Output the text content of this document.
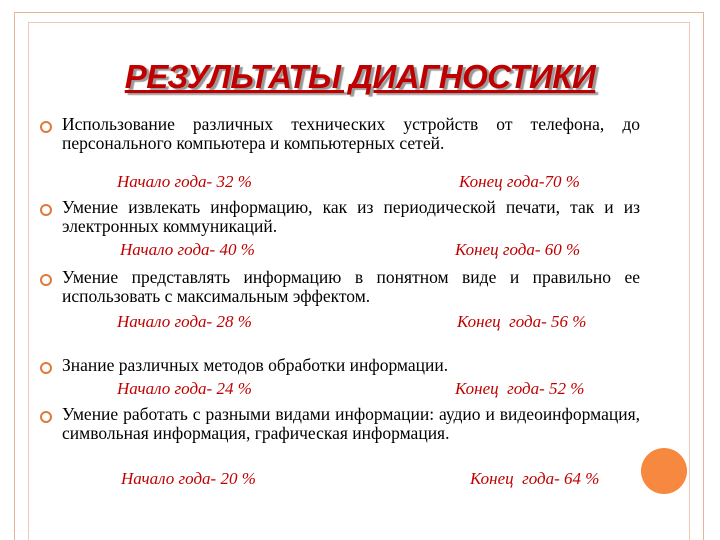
РЕЗУЛЬТАТЫ ДИАГНОСТИКИ
Использование различных технических устройств от телефона, до персонального компьютера и компьютерных сетей.
Начало года- 32 %	Конец года-70 %
Умение извлекать информацию, как из периодической печати, так и из электронных коммуникаций.
Начало года- 40 %	Конец года- 60 %
Умение представлять информацию в понятном виде и правильно ее использовать с максимальным эффектом.
Начало года- 28 %	Конец  года- 56 %
Знание различных методов обработки информации.
Начало года- 24 %	Конец  года- 52 %
Умение работать с разными видами информации: аудио и видеоинформация, символьная информация, графическая информация.
Начало года- 20 %	Конец  года- 64 %
